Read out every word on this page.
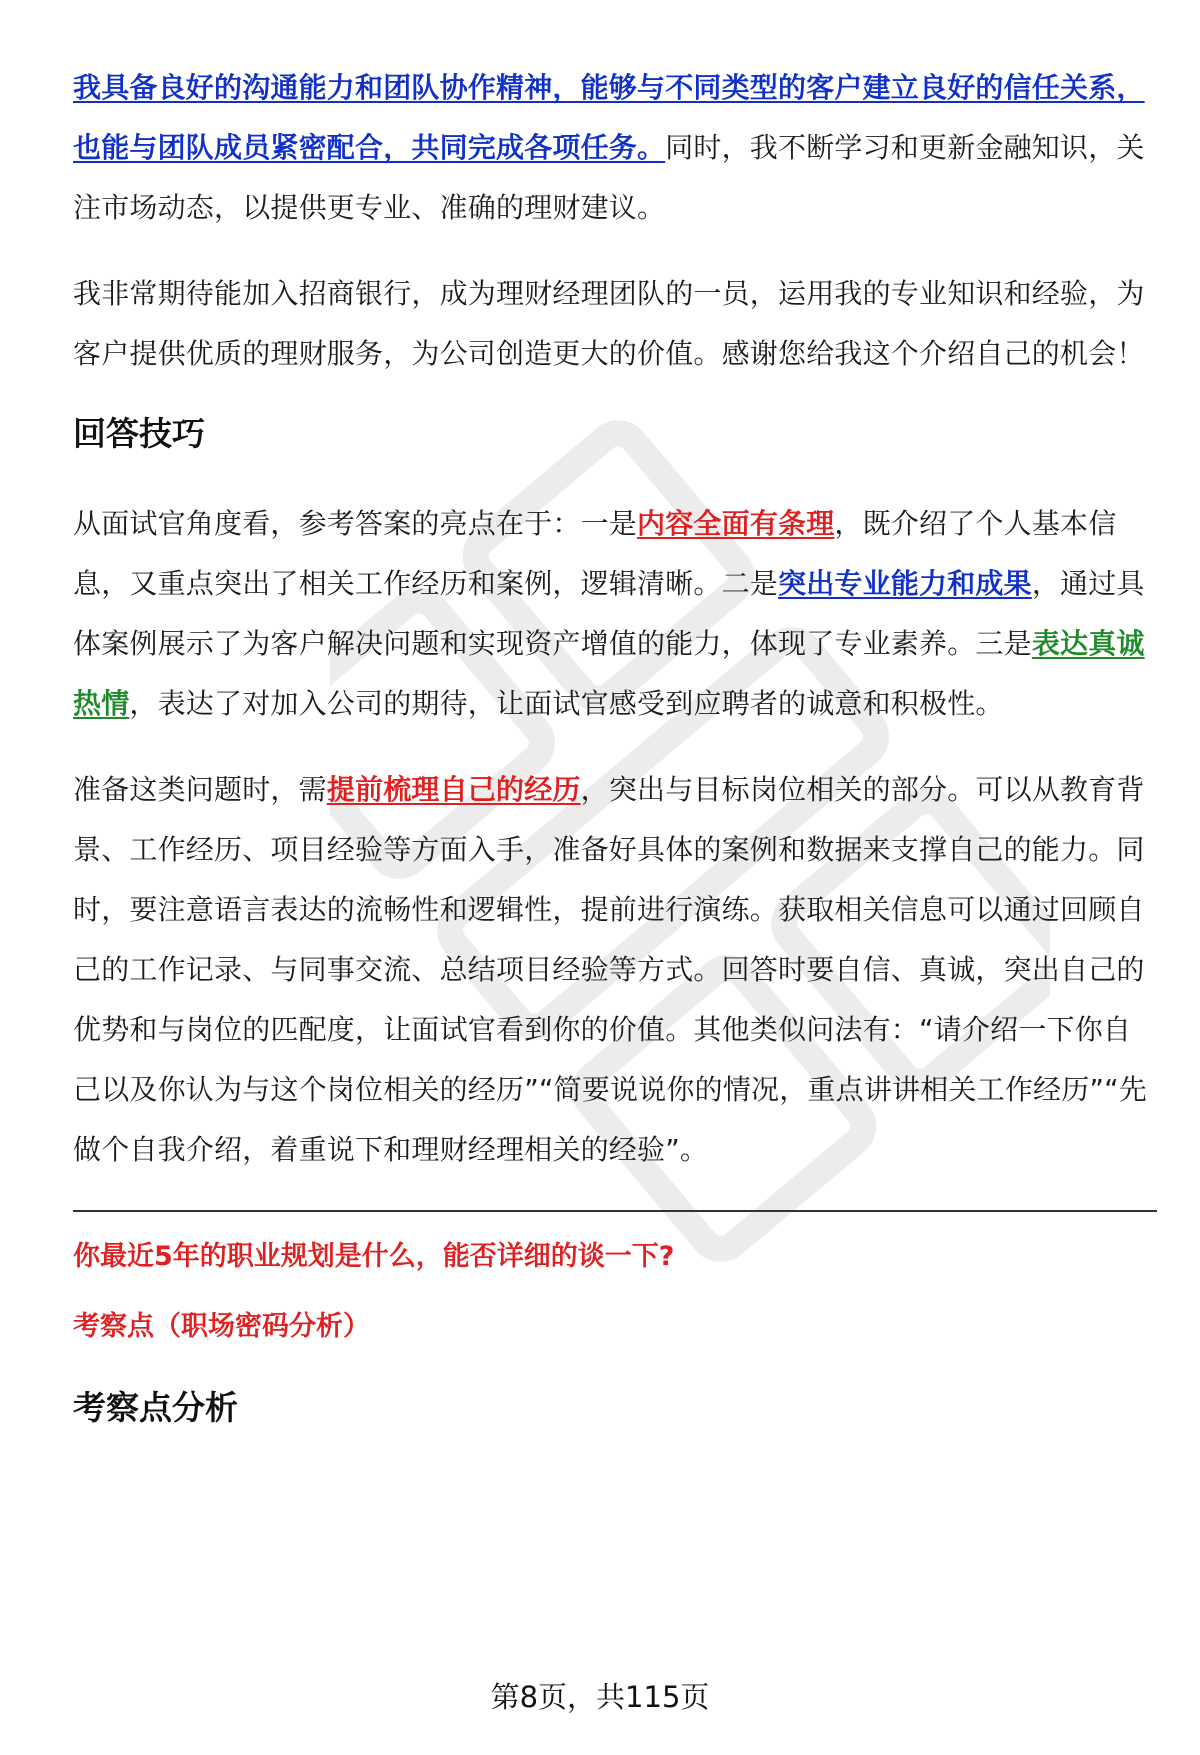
我具备良好的沟通能力和团队协作精神，能够与不同类型的客户建立良好的信任关系，也能与团队成员紧密配合，共同完成各项任务。同时，我不断学习和更新金融知识，关注市场动态，以提供更专业、准确的理财建议。

我非常期待能加入招商银行，成为理财经理团队的一员，运用我的专业知识和经验，为客户提供优质的理财服务，为公司创造更大的价值。感谢您给我这个介绍自己的机会！

回答技巧

从面试官角度看，参考答案的亮点在于：一是内容全面有条理，既介绍了个人基本信息，又重点突出了相关工作经历和案例，逻辑清晰。二是突出专业能力和成果，通过具体案例展示了为客户解决问题和实现资产增值的能力，体现了专业素养。三是表达真诚热情，表达了对加入公司的期待，让面试官感受到应聘者的诚意和积极性。

准备这类问题时，需提前梳理自己的经历，突出与目标岗位相关的部分。可以从教育背景、工作经历、项目经验等方面入手，准备好具体的案例和数据来支撑自己的能力。同时，要注意语言表达的流畅性和逻辑性，提前进行演练。获取相关信息可以通过回顾自己的工作记录、与同事交流、总结项目经验等方式。回答时要自信、真诚，突出自己的优势和与岗位的匹配度，让面试官看到你的价值。其他类似问法有：“请介绍一下你自己以及你认为与这个岗位相关的经历”“简要说说你的情况，重点讲讲相关工作经历”“先做个自我介绍，着重说下和理财经理相关的经验”。

你最近5年的职业规划是什么，能否详细的谈一下?
考察点（职场密码分析）
考察点分析
第8页，共115页
